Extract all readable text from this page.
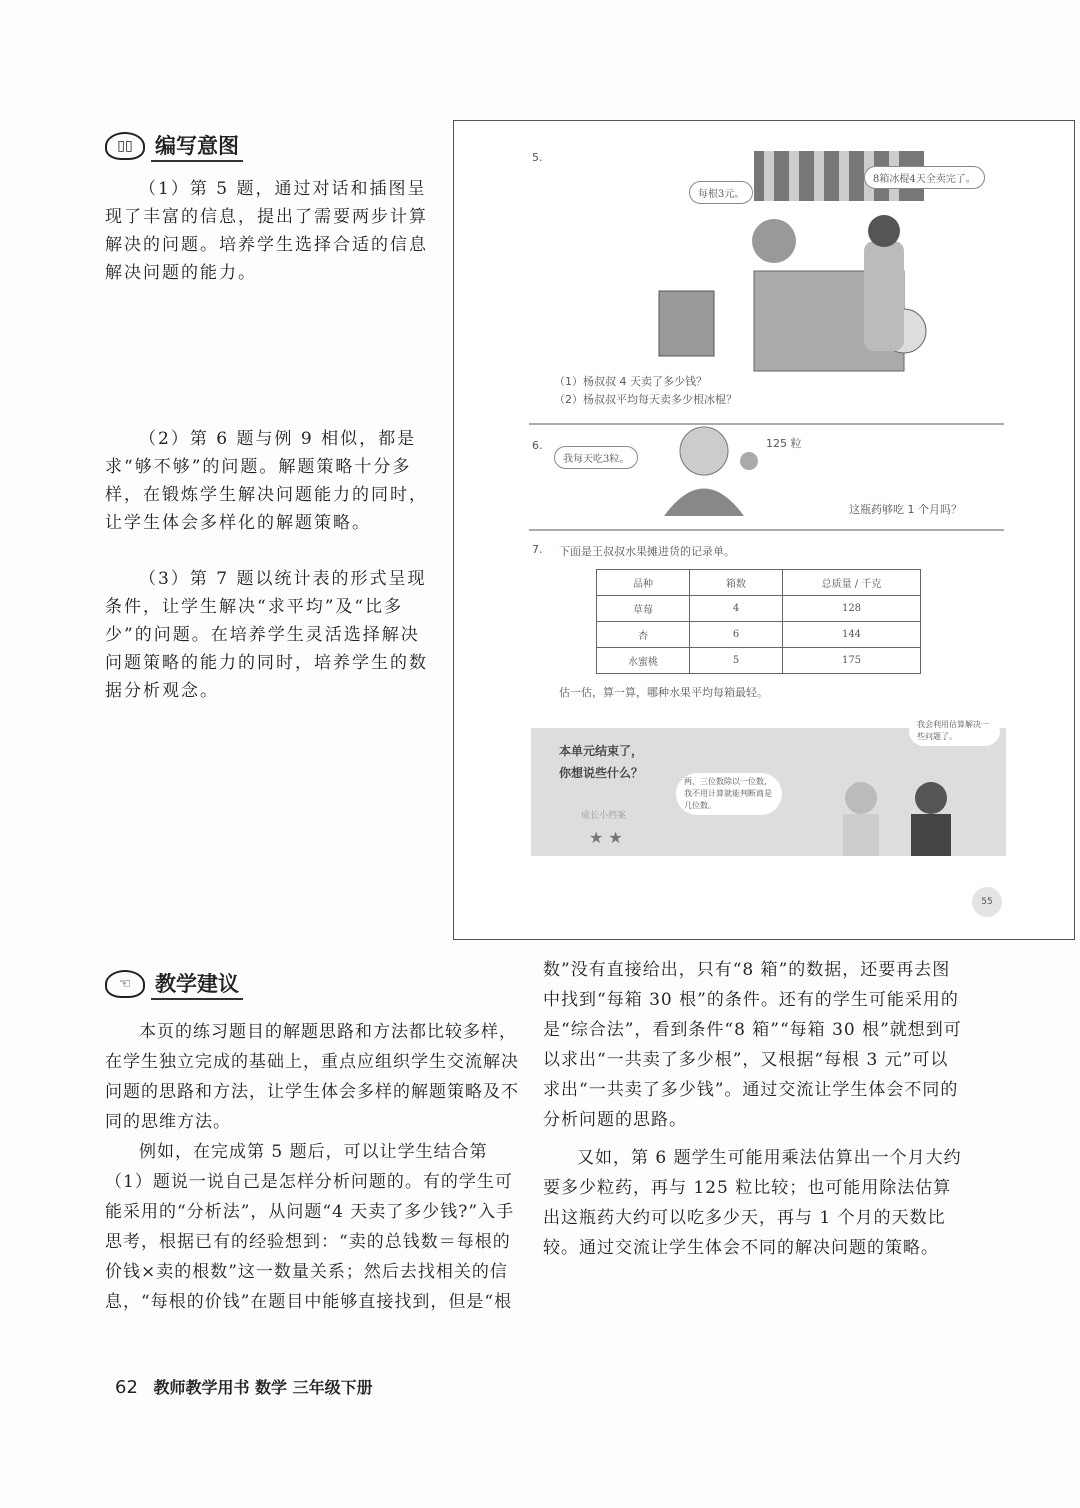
▯▯	编写意图

（1）第 5 题，通过对话和插图呈现了丰富的信息，提出了需要两步计算解决的问题。培养学生选择合适的信息解决问题的能力。

（2）第 6 题与例 9 相似，都是求“够不够”的问题。解题策略十分多样，在锻炼学生解决问题能力的同时，让学生体会多样化的解题策略。

（3）第 7 题以统计表的形式呈现条件，让学生解决“求平均”及“比多少”的问题。在培养学生灵活选择解决问题策略的能力的同时，培养学生的数据分析观念。

5.
每根3元。
8箱冰棍4天全卖完了。
（1）杨叔叔 4 天卖了多少钱？
（2）杨叔叔平均每天卖多少根冰棍？
6.
我每天吃3粒。
125 粒
这瓶药够吃 1 个月吗？
7. 下面是王叔叔水果摊进货的记录单。
品种	箱数	总质量 / 千克
草莓	4	128
杏	6	144
水蜜桃	5	175
估一估，算一算，哪种水果平均每箱最轻。
本单元结束了，
你想说些什么？
成长小档案
★ ★
两、三位数除以一位数，我不用计算就能判断商是几位数。
我会利用估算解决一些问题了。
55
☜	教学建议

本页的练习题目的解题思路和方法都比较多样，在学生独立完成的基础上，重点应组织学生交流解决问题的思路和方法，让学生体会多样的解题策略及不同的思维方法。

例如，在完成第 5 题后，可以让学生结合第（1）题说一说自己是怎样分析问题的。有的学生可能采用的“分析法”，从问题“4 天卖了多少钱?”入手思考，根据已有的经验想到：“卖的总钱数＝每根的价钱×卖的根数”这一数量关系；然后去找相关的信息，“每根的价钱”在题目中能够直接找到，但是“根

数”没有直接给出，只有“8 箱”的数据，还要再去图中找到“每箱 30 根”的条件。还有的学生可能采用的是“综合法”，看到条件“8 箱”“每箱 30 根”就想到可以求出“一共卖了多少根”，又根据“每根 3 元”可以求出“一共卖了多少钱”。通过交流让学生体会不同的分析问题的思路。

又如，第 6 题学生可能用乘法估算出一个月大约要多少粒药，再与 125 粒比较；也可能用除法估算出这瓶药大约可以吃多少天，再与 1 个月的天数比较。通过交流让学生体会不同的解决问题的策略。

62 教师教学用书 数学 三年级下册
